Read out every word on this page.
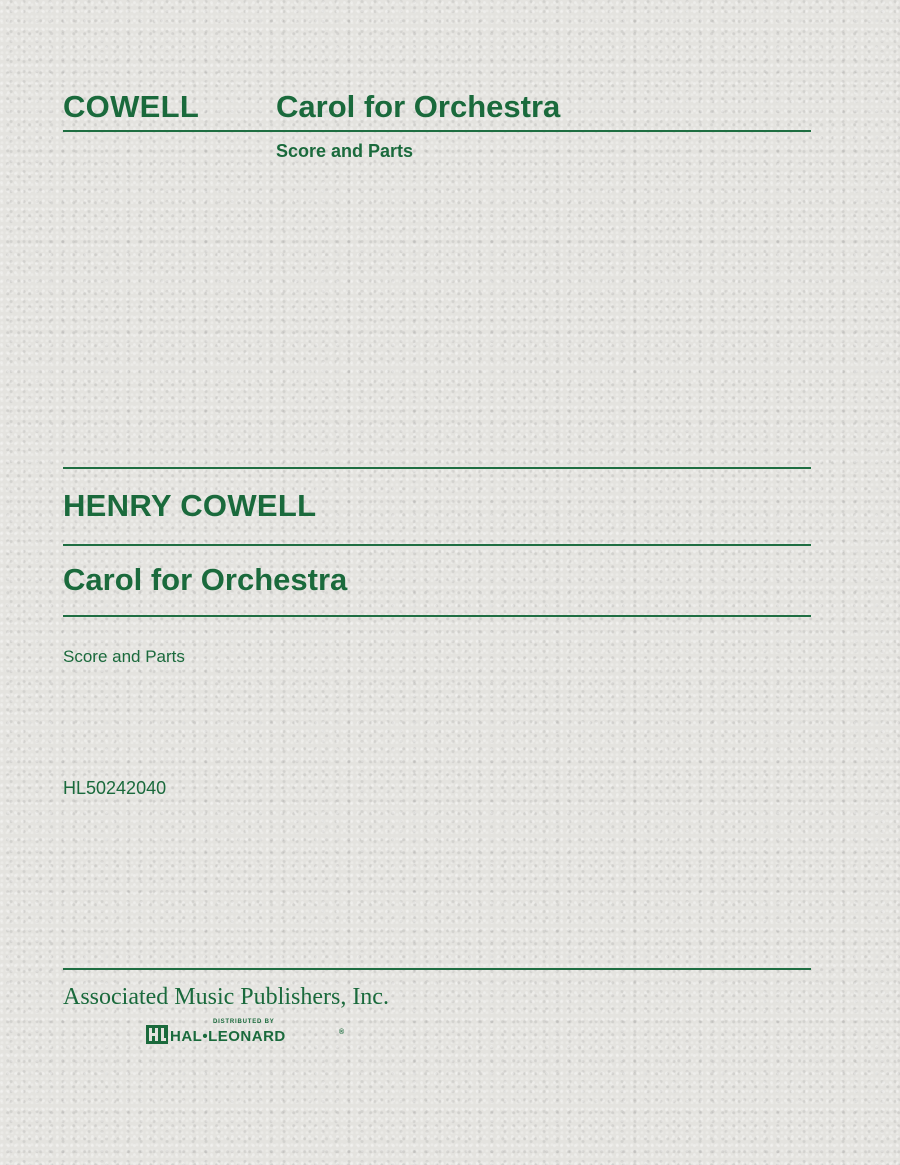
COWELL Carol for Orchestra
Score and Parts
HENRY COWELL
Carol for Orchestra
Score and Parts
HL50242040
Associated Music Publishers, Inc.
DISTRIBUTED BY
HAL•LEONARD	®
